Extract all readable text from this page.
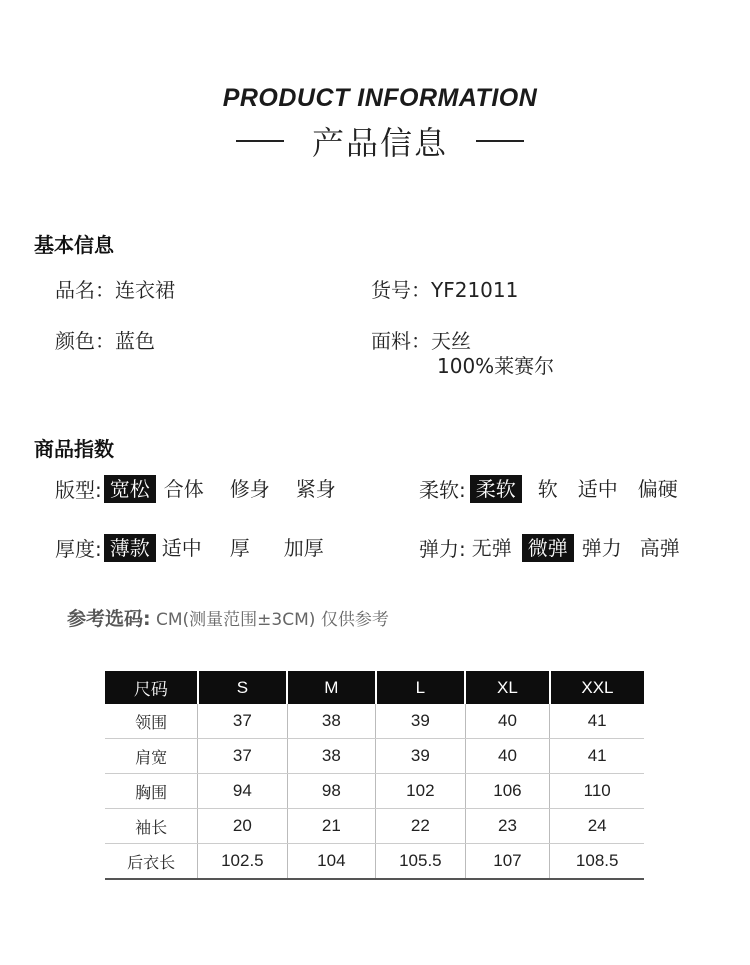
PRODUCT INFORMATION
产品信息
基本信息
品名：连衣裙	货号：YF21011
颜色：蓝色	面料：天丝
100%莱赛尔
商品指数
版型: 宽松 合体	修身	紧身	柔软: 柔软	软	适中	偏硬
厚度: 薄款 适中	厚	加厚	弹力: 无弹 微弹 弹力 高弹
参考选码: CM(测量范围±3CM) 仅供参考
尺码	S	M	L	XL	XXL
领围	37	38	39	40	41
肩宽	37	38	39	40	41
胸围	94	98	102	106	110
袖长	20	21	22	23	24
后衣长	102.5	104	105.5	107	108.5
